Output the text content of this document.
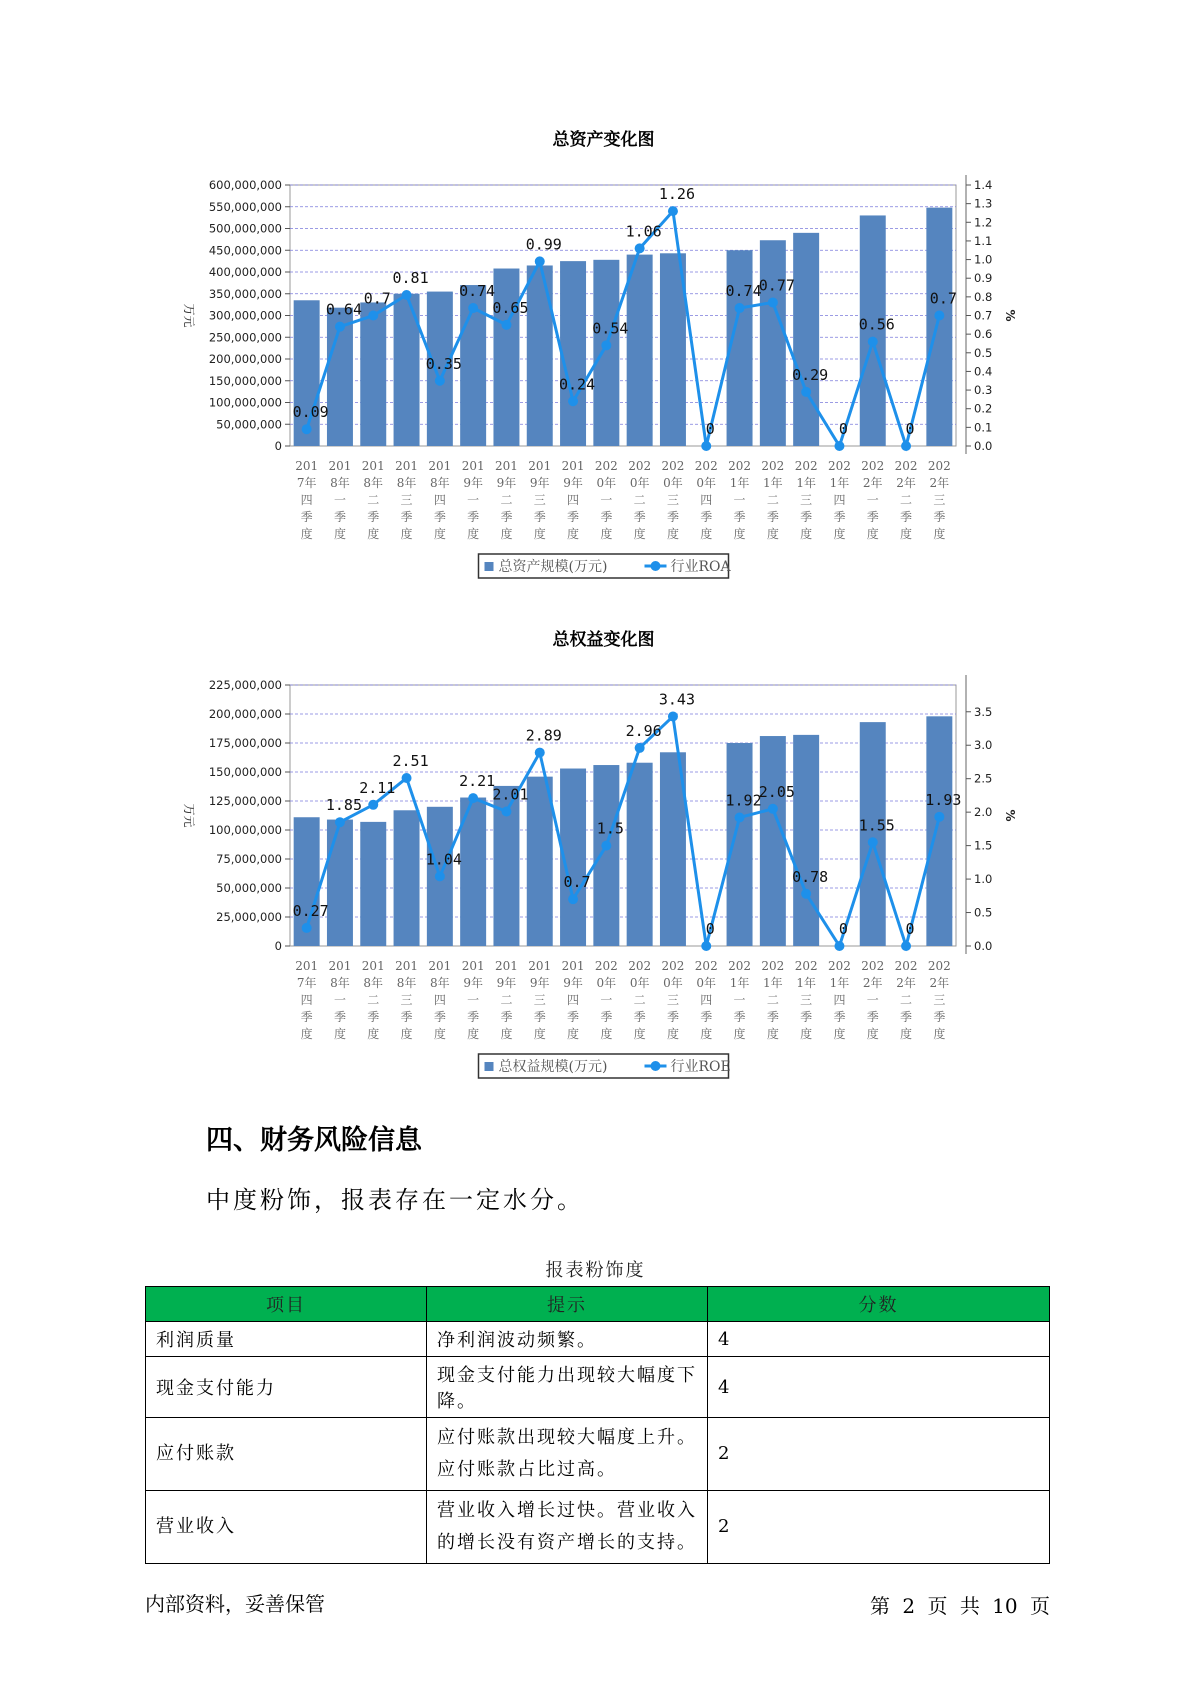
总资产变化图
0
50,000,000
100,000,000
150,000,000
200,000,000
250,000,000
300,000,000
350,000,000
400,000,000
450,000,000
500,000,000
550,000,000
600,000,000
0.0
0.1
0.2
0.3
0.4
0.5
0.6
0.7
0.8
0.9
1.0
1.1
1.2
1.3
1.4
万元	%
0.09
0.64
0.7
0.81
0.35
0.74
0.65
0.99
0.24
0.54
1.06
1.26
0
0.74
0.77
0.29
0
0.56
0
0.7
201 7年四季度
201 8年一季度
201 8年二季度
201 8年三季度
201 8年四季度
201 9年一季度
201 9年二季度
201 9年三季度
201 9年四季度
202 0年一季度
202 0年二季度
202 0年三季度
202 0年四季度
202 1年一季度
202 1年二季度
202 1年三季度
202 1年四季度
202 2年一季度
202 2年二季度
202 2年三季度
总资产规模(万元)	行业ROA
总权益变化图
0
25,000,000
50,000,000
75,000,000
100,000,000
125,000,000
150,000,000
175,000,000
200,000,000
225,000,000
0.0
0.5
1.0
1.5
2.0
2.5
3.0
3.5
万元	%
0.27
1.85
2.11
2.51
1.04
2.21
2.01
2.89
0.7
1.5
2.96
3.43
0
1.92
2.05
0.78
0
1.55
0
1.93
201 7年四季度
201 8年一季度
201 8年二季度
201 8年三季度
201 8年四季度
201 9年一季度
201 9年二季度
201 9年三季度
201 9年四季度
202 0年一季度
202 0年二季度
202 0年三季度
202 0年四季度
202 1年一季度
202 1年二季度
202 1年三季度
202 1年四季度
202 2年一季度
202 2年二季度
202 2年三季度
总权益规模(万元)	行业ROE
四、财务风险信息
中度粉饰，报表存在一定水分。
报表粉饰度
项目	提示	分数
利润质量	净利润波动频繁。	4
现金支付能力	现金支付能力出现较大幅度下降。	4
应付账款	应付账款出现较大幅度上升。应付账款占比过高。	2
营业收入	营业收入增长过快。营业收入的增长没有资产增长的支持。	2
内部资料，妥善保管	第 2 页 共 10 页
